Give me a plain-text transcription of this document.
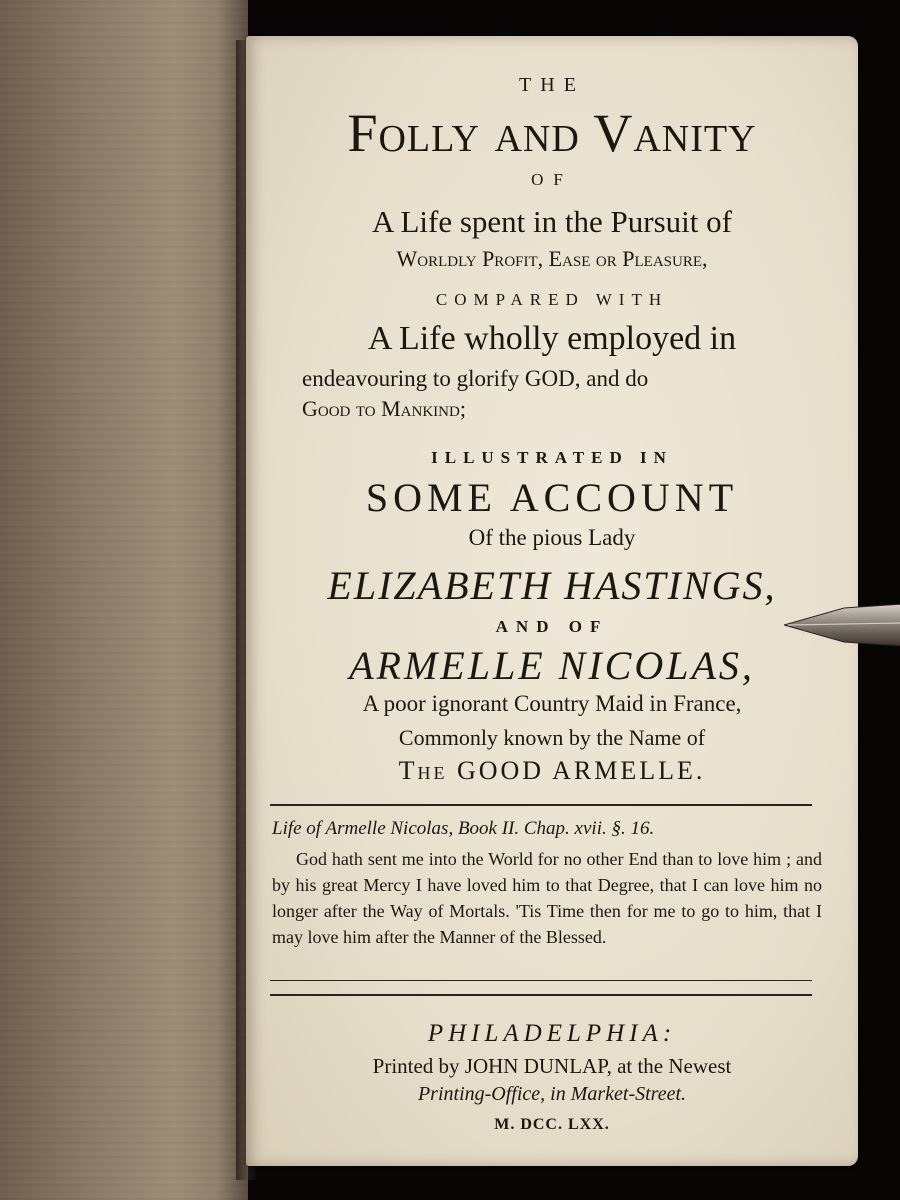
THE
Folly and Vanity
OF
A Life spent in the Pursuit of
Worldly Profit, Ease or Pleasure,
COMPARED WITH
A Life wholly employed in
endeavouring to glorify GOD, and do
Good to Mankind;
ILLUSTRATED IN
SOME ACCOUNT
Of the pious Lady
ELIZABETH HASTINGS,
AND OF
ARMELLE NICOLAS,
A poor ignorant Country Maid in France,
Commonly known by the Name of
The GOOD ARMELLE.
Life of Armelle Nicolas, Book II. Chap. xvii. §. 16.
God hath sent me into the World for no other End than to love him ; and by his great Mercy I have loved him to that Degree, that I can love him no longer after the Way of Mortals. 'Tis Time then for me to go to him, that I may love him after the Manner of the Blessed.
PHILADELPHIA:
Printed by JOHN DUNLAP, at the Newest
Printing-Office, in Market-Street.
M. DCC. LXX.
